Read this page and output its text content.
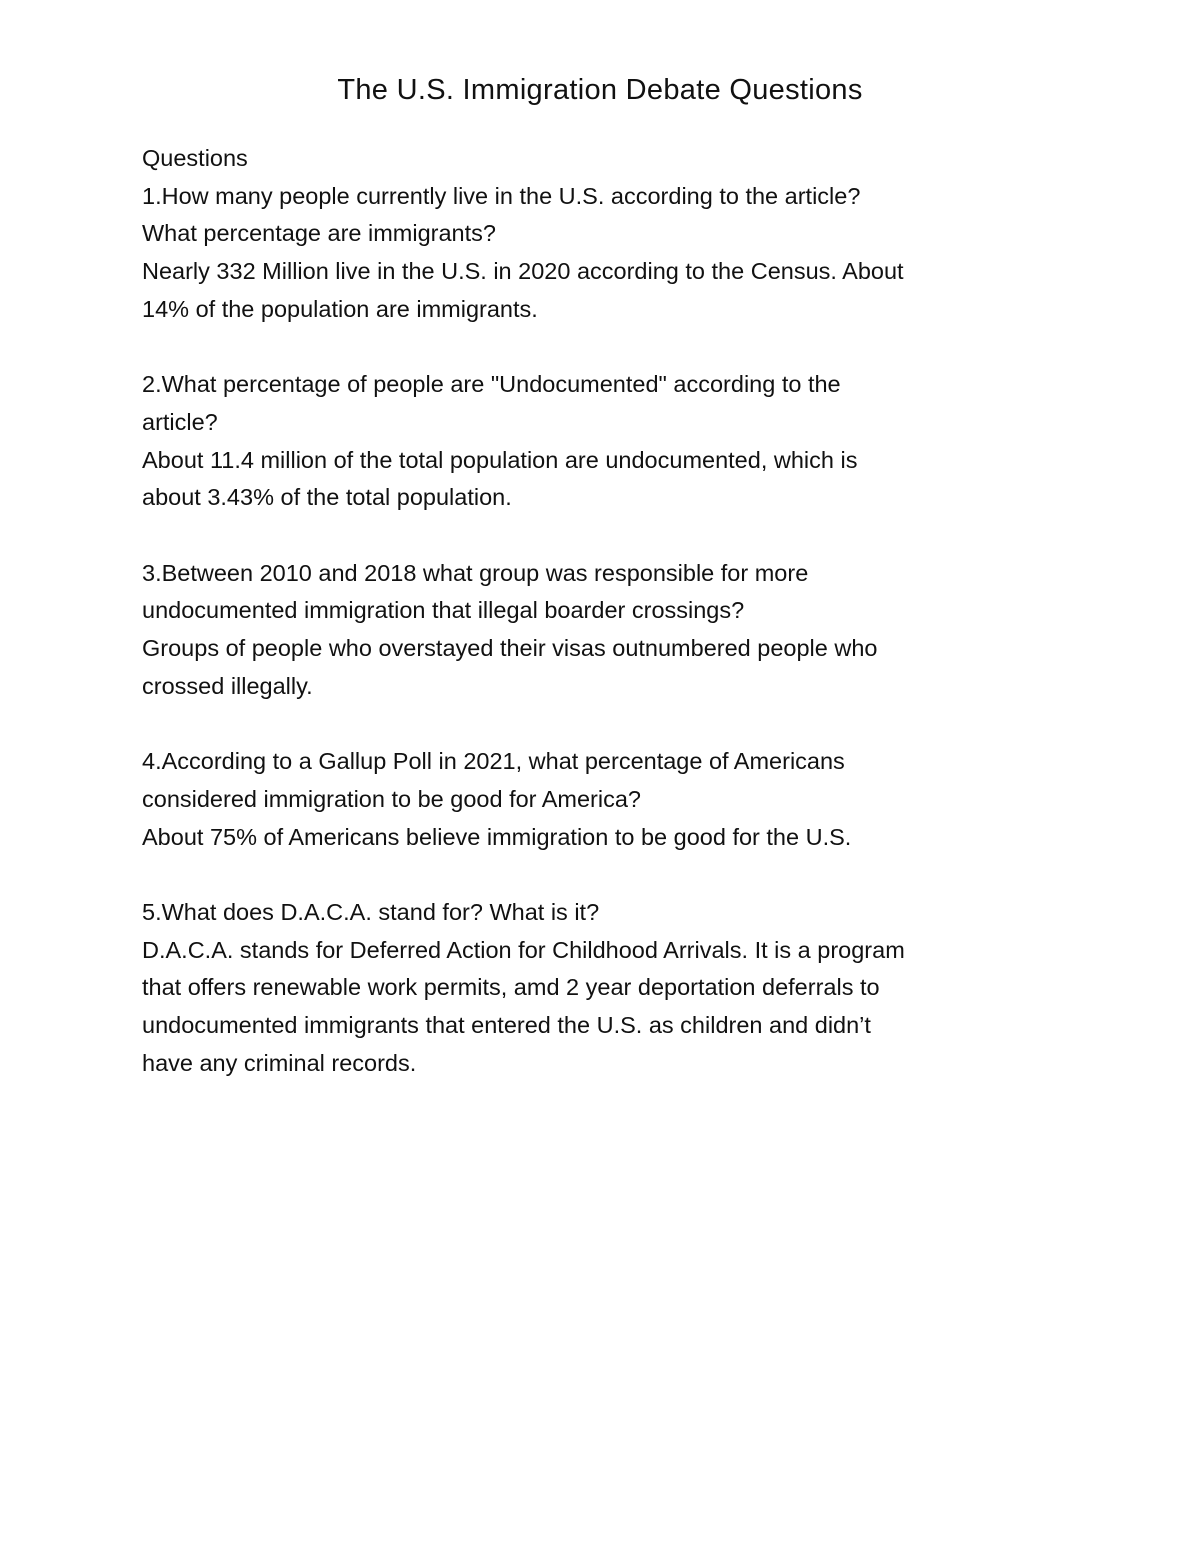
The U.S. Immigration Debate Questions
Questions
1.How many people currently live in the U.S. according to the article?
What percentage are immigrants?
Nearly 332 Million live in the U.S. in 2020 according to the Census. About
14% of the population are immigrants.
2.What percentage of people are "Undocumented" according to the
article?
About 11.4 million of the total population are undocumented, which is
about 3.43% of the total population.
3.Between 2010 and 2018 what group was responsible for more
undocumented immigration that illegal boarder crossings?
Groups of people who overstayed their visas outnumbered people who
crossed illegally.
4.According to a Gallup Poll in 2021, what percentage of Americans
considered immigration to be good for America?
About 75% of Americans believe immigration to be good for the U.S.
5.What does D.A.C.A. stand for? What is it?
D.A.C.A. stands for Deferred Action for Childhood Arrivals. It is a program
that offers renewable work permits, amd 2 year deportation deferrals to
undocumented immigrants that entered the U.S. as children and didn’t
have any criminal records.
